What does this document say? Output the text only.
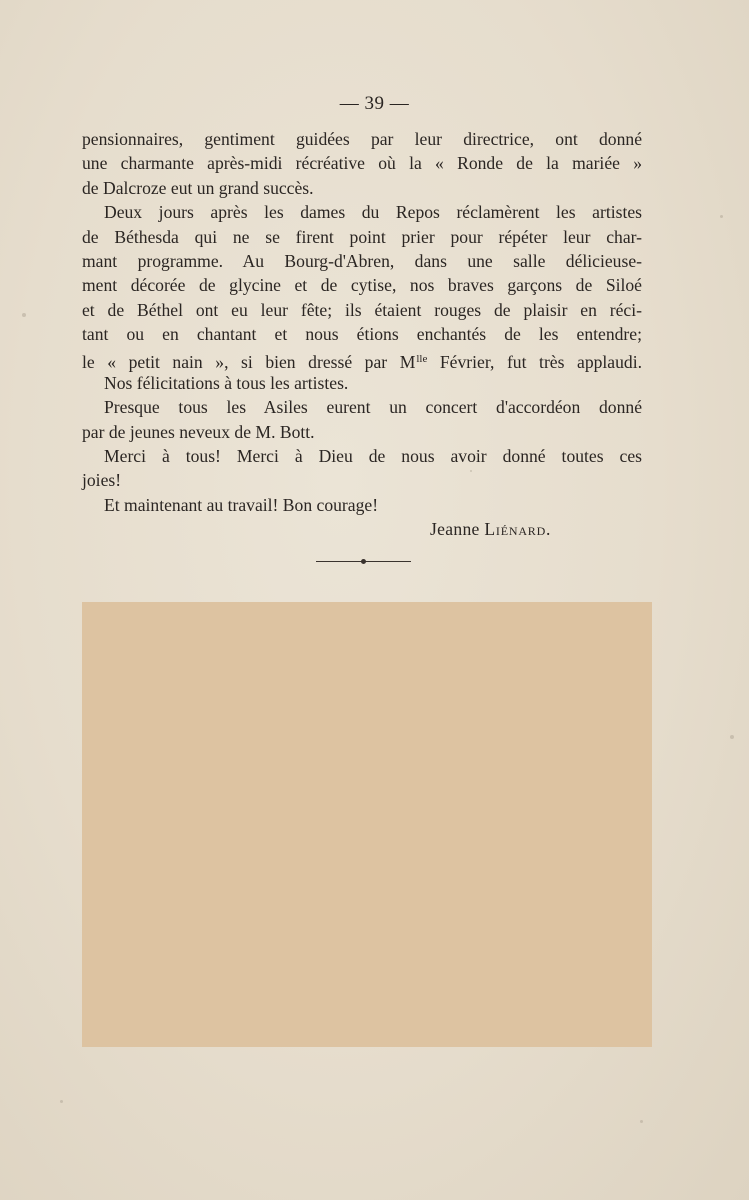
— 39 —
pensionnaires, gentiment guidées par leur directrice, ont donné
une charmante après-midi récréative où la « Ronde de la mariée »
de Dalcroze eut un grand succès.
Deux jours après les dames du Repos réclamèrent les artistes
de Béthesda qui ne se firent point prier pour répéter leur char-
mant programme. Au Bourg-d'Abren, dans une salle délicieuse-
ment décorée de glycine et de cytise, nos braves garçons de Siloé
et de Béthel ont eu leur fête; ils étaient rouges de plaisir en réci-
tant ou en chantant et nous étions enchantés de les entendre;
le « petit nain », si bien dressé par $M^{lle}$ Février, fut très applaudi.
Nos félicitations à tous les artistes.
Presque tous les Asiles eurent un concert d'accordéon donné
par de jeunes neveux de M. Bott.
Merci à tous! Merci à Dieu de nous avoir donné toutes ces
joies!
Et maintenant au travail! Bon courage!
Jeanne Liénard.
